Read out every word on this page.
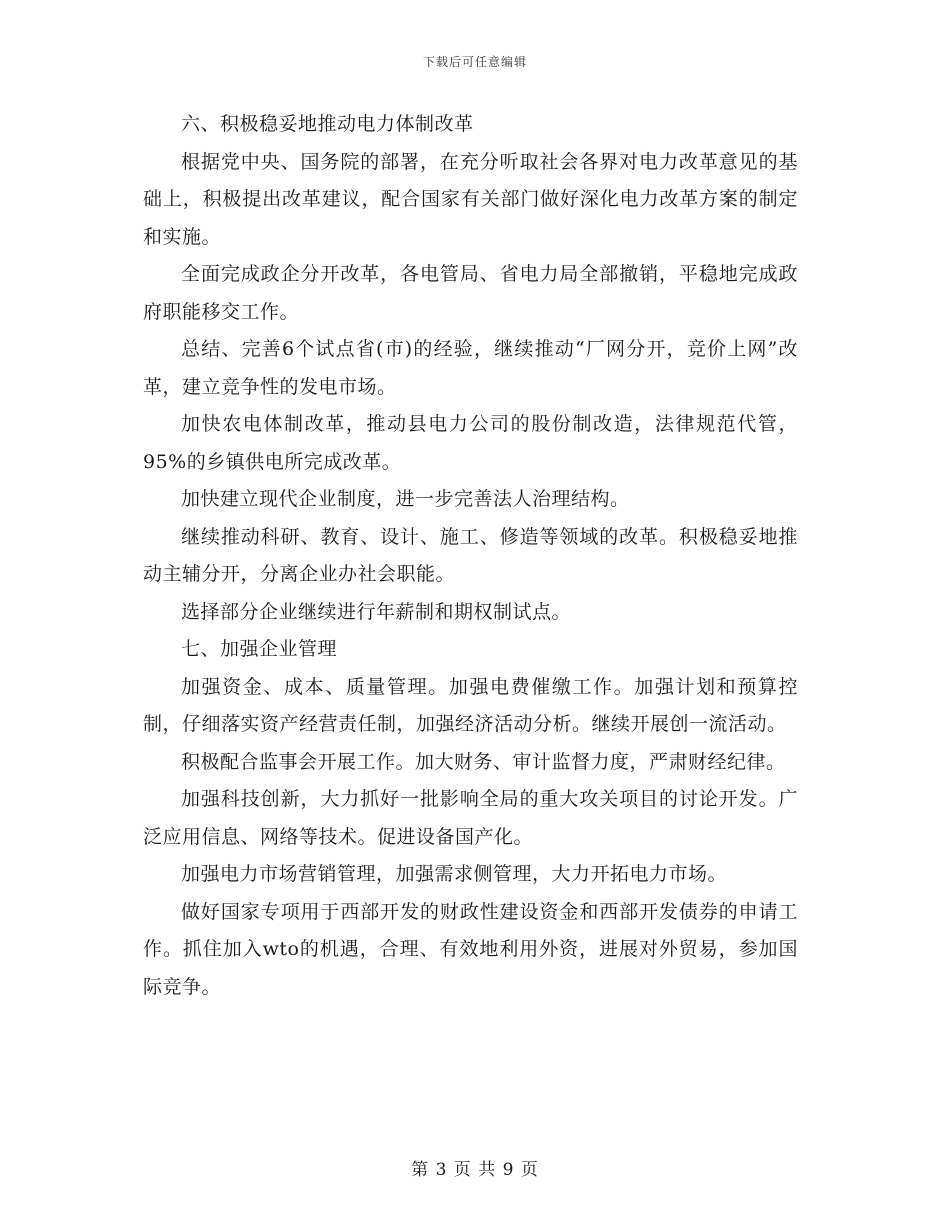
下载后可任意编辑

六、积极稳妥地推动电力体制改革

根据党中央、国务院的部署，在充分听取社会各界对电力改革意见的基础上，积极提出改革建议，配合国家有关部门做好深化电力改革方案的制定和实施。

全面完成政企分开改革，各电管局、省电力局全部撤销，平稳地完成政府职能移交工作。

总结、完善6个试点省(市)的经验，继续推动“厂网分开，竞价上网”改革，建立竞争性的发电市场。

加快农电体制改革，推动县电力公司的股份制改造，法律规范代管，95%的乡镇供电所完成改革。

加快建立现代企业制度，进一步完善法人治理结构。

继续推动科研、教育、设计、施工、修造等领域的改革。积极稳妥地推动主辅分开，分离企业办社会职能。

选择部分企业继续进行年薪制和期权制试点。

七、加强企业管理

加强资金、成本、质量管理。加强电费催缴工作。加强计划和预算控制，仔细落实资产经营责任制，加强经济活动分析。继续开展创一流活动。

积极配合监事会开展工作。加大财务、审计监督力度，严肃财经纪律。

加强科技创新，大力抓好一批影响全局的重大攻关项目的讨论开发。广泛应用信息、网络等技术。促进设备国产化。

加强电力市场营销管理，加强需求侧管理，大力开拓电力市场。

做好国家专项用于西部开发的财政性建设资金和西部开发债券的申请工作。抓住加入wto的机遇，合理、有效地利用外资，进展对外贸易，参加国际竞争。

第 3 页 共 9 页
